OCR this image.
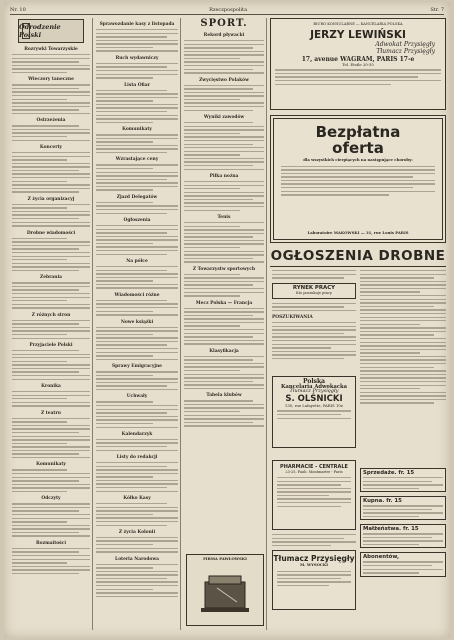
Nr. 10	Rzeczpospolita	Str. 7
Odrodzenie Polski
Rozrywki Towarzyskie
Wieczory taneczne
Ostrzeżenia
Koncerty
Z życia organizacyj
Drobne wiadomości
Zebrania
Z różnych stron
Przyjaciele Polski
Kronika
Z teatru
Komunikaty
Odczyty
Rozmaitości
Sprawozdanie kasy z listopada
Ruch wydawniczy
Lista Ofiar
Komunikaty
Wzrastające ceny
Zjazd Delegatów
Ogłoszenia
Na półce
Wiadomości różne
Nowe książki
Sprawy Emigracyjne
Uchwały
Kalendarzyk
Listy do redakcji
Kółko Kasy
Z życia Kolonii
Loteria Narodowa
SPORT.
Rekord pływacki
Zwycięstwo Polaków
Wyniki zawodów
Piłka nożna
Tenis
Z Towarzystw sportowych
Mecz Polska — Francja
Klasyfikacja
Tabela klubów
FIRMA PAWŁOWSKI
BIURO KONSULARNE — KANCELARIA POLSKA
JERZY LEWIŃSKI
Adwokat Przysięgły
Tłumacz Przysięgły
17, avenue WAGRAM, PARIS 17-e
Tel. Etoile 20-35
Bezpłatna
oferta
dla wszystkich cierpiących na następujące choroby:
Laboratoire MAKOWSKI — 31, rue Louis PARIS
OGŁOSZENIA DROBNE
RYNEK PRACY
Kto poszukuje pracy
POSZUKIWANIA
Polska
Kancelaria Adwokacka
Tłumacz Przysięgły
S. OLŚNICKI
130, rue Lafayette, PARIS 10e
PHARMACIE - CENTRALE
23-25, Faub. Montmartre - Paris
Tłumacz Przysięgły
M. WYSOCKI
Sprzedaże. fr. 15
Kupna. fr. 15
Małżeństwa. fr. 15
Abonentów,
